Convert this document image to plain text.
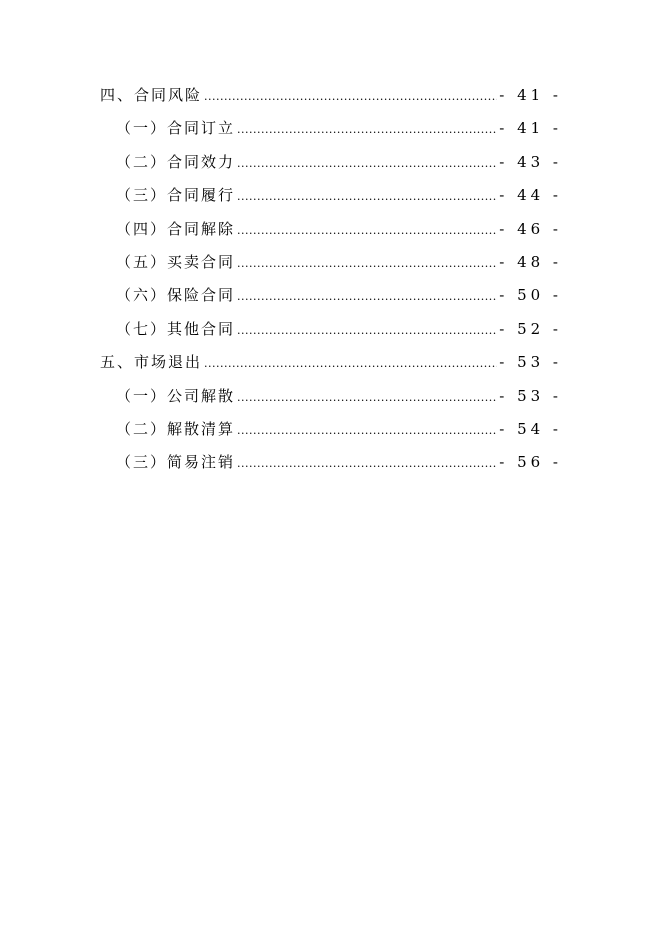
四、合同风险 .....	- 41 -
（一）合同订立 .....	- 41 -
（二）合同效力 .....	- 43 -
（三）合同履行 .....	- 44 -
（四）合同解除 .....	- 46 -
（五）买卖合同 .....	- 48 -
（六）保险合同 .....	- 50 -
（七）其他合同 .....	- 52 -
五、市场退出 .....	- 53 -
（一）公司解散 .....	- 53 -
（二）解散清算 .....	- 54 -
（三）简易注销 .....	- 56 -
